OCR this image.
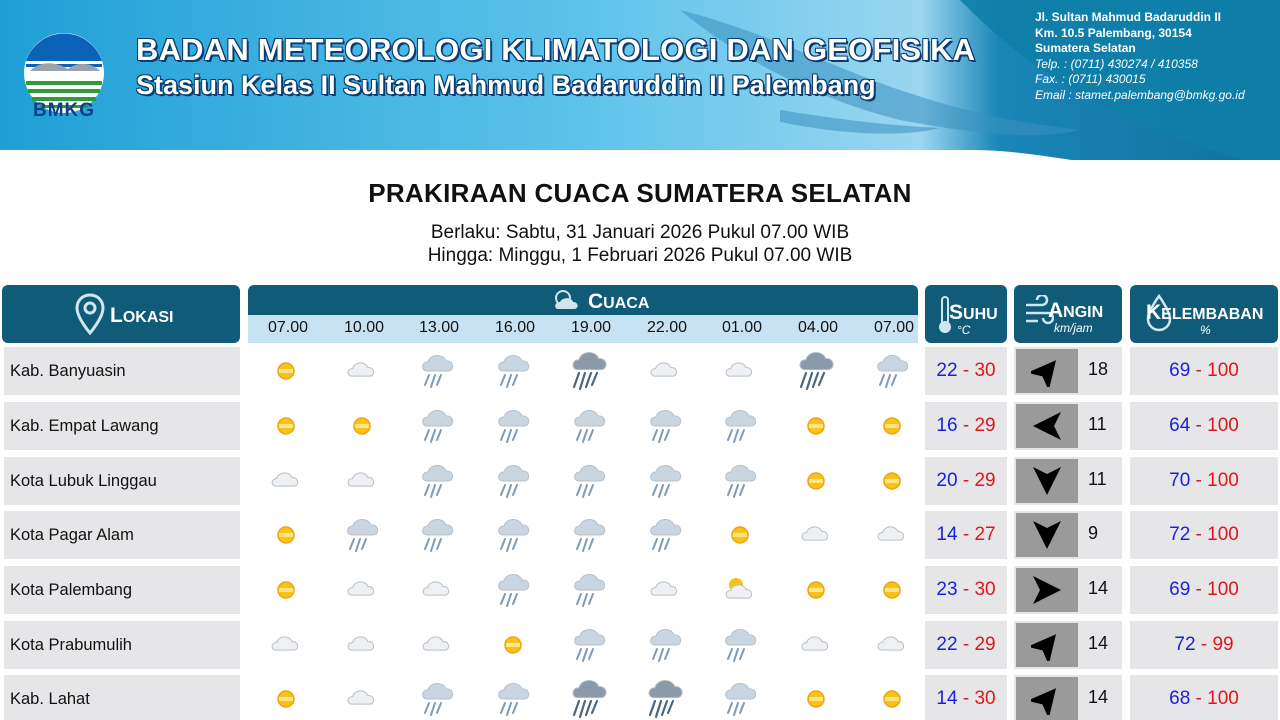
BMKG
BADAN METEOROLOGI KLIMATOLOGI DAN GEOFISIKA
Stasiun Kelas II Sultan Mahmud Badaruddin II Palembang
Jl. Sultan Mahmud Badaruddin II
Km. 10.5 Palembang, 30154
Sumatera Selatan
Telp. : (0711) 430274 / 410358
Fax. : (0711) 430015
Email : stamet.palembang@bmkg.go.id
PRAKIRAAN CUACA SUMATERA SELATAN
Berlaku: Sabtu, 31 Januari 2026 Pukul 07.00 WIB
Hingga: Minggu, 1 Februari 2026 Pukul 07.00 WIB
LOKASI
CUACA
07.00	10.00	13.00	16.00	19.00	22.00	01.00	04.00	07.00
SUHU
°C
ANGIN
km/jam
KELEMBABAN
%
Kab. Banyuasin	22 - 30	18	69 - 100
Kab. Empat Lawang	16 - 29	11	64 - 100
Kota Lubuk Linggau	20 - 29	11	70 - 100
Kota Pagar Alam	14 - 27	9	72 - 100
Kota Palembang	23 - 30	14	69 - 100
Kota Prabumulih	22 - 29	14	72 - 99
Kab. Lahat	14 - 30	14	68 - 100
